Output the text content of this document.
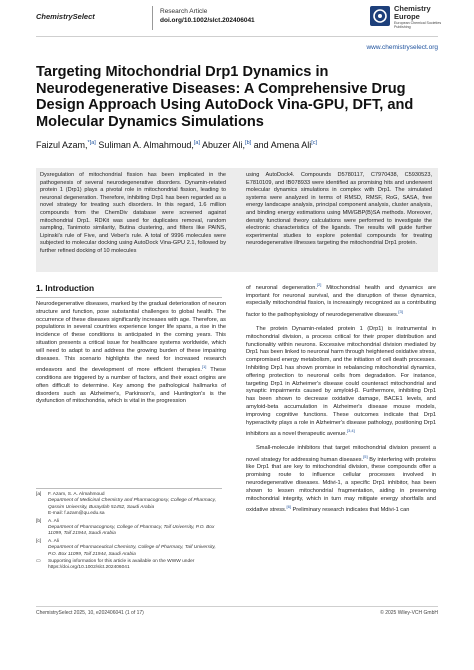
ChemistrySelect
Research Article
doi.org/10.1002/slct.202406041
Chemistry Europe
European Chemical Societies Publishing
www.chemistryselect.org
Targeting Mitochondrial Drp1 Dynamics in Neurodegenerative Diseases: A Comprehensive Drug Design Approach Using AutoDock Vina-GPU, DFT, and Molecular Dynamics Simulations
Faizul Azam,$^{*[a]}$ Suliman A. Almahmoud,[a] Abuzer Ali,[b] and Amena Ali[c]
Dysregulation of mitochondrial fission has been implicated in the pathogenesis of several neurodegenerative disorders. Dynamin-related protein 1 (Drp1) plays a pivotal role in mitochondrial fission, leading to neuronal degeneration. Therefore, inhibiting Drp1 has been regarded as a novel strategy for treating such disorders. In this regard, 1.6 million compounds from the ChemDiv database were screened against mitochondrial Drp1. RDKit was used for duplicates removal, random sampling, Tanimoto similarity, Butina clustering, and filters like PAINS, Lipinski's rule of Five, and Veber's rule. A total of 9996 molecules were subjected to molecular docking using AutoDock Vina-GPU 2.1, followed by further refined docking of 10 molecules
using AutoDock4. Compounds D5780117, C7970438, C5930523, E7810109, and IB078933 were identified as promising hits and underwent molecular dynamics simulations in complex with Drp1. The simulated systems were analyzed in terms of RMSD, RMSF, RoG, SASA, free energy landscape analysis, principal component analysis, cluster analysis, and binding energy estimations using MM/GBP(B)SA methods. Moreover, density functional theory calculations were performed to investigate the electronic characteristics of the ligands. The results will guide further experimental studies to explore potential compounds for treating neurodegenerative illnesses targeting the mitochondrial Drp1 protein.
1. Introduction

Neurodegenerative diseases, marked by the gradual deterioration of neuron structure and function, pose substantial challenges to global health. The occurrence of these diseases significantly increases with age. Therefore, as populations in several countries experience longer life spans, a rise in the incidence of these conditions is anticipated in the coming years. This situation presents a critical issue for healthcare systems worldwide, which will need to adapt to and address the growing burden of these impairing diseases. This scenario highlights the need for increased research endeavors and the development of more efficient therapies.[1] These conditions are triggered by a number of factors, and their exact origins are often difficult to determine. Key among the pathological hallmarks of disorders such as Alzheimer's, Parkinson's, and Huntington's is the dysfunction of mitochondria, which is vital in the progression

[a] F. Azam, S. A. Almahmoud
Department of Medicinal Chemistry and Pharmacognosy, College of Pharmacy, Qassim University, Buraydah 51452, Saudi Arabia
E-mail: f.azam@qu.edu.sa
[b] A. Ali
Department of Pharmacognosy, College of Pharmacy, Taif University, P.O. Box 11099, Taif 21944, Saudi Arabia
[c] A. Ali
Department of Pharmaceutical Chemistry, College of Pharmacy, Taif University, P.O. Box 11099, Taif 21944, Saudi Arabia
▭ Supporting information for this article is available on the WWW under
https://doi.org/10.1002/slct.202406041

of neuronal degeneration.[2] Mitochondrial health and dynamics are important for neuronal survival, and the disruption of these dynamics, especially mitochondrial fission, is increasingly recognized as a contributing factor to the pathophysiology of neurodegenerative diseases.[3]

The protein Dynamin-related protein 1 (Drp1) is instrumental in mitochondrial division, a process critical for their proper distribution and functionality within neurons. Excessive mitochondrial division mediated by Drp1 has been linked to neuronal harm through heightened oxidative stress, compromised energy metabolism, and the initiation of cell death processes. Inhibiting Drp1 has shown promise in rebalancing mitochondrial dynamics, offering protection to neuronal cells from degradation. For instance, targeting Drp1 in Alzheimer's disease could counteract mitochondrial and synaptic impairments caused by amyloid-β. Furthermore, inhibiting Drp1 has been shown to decrease oxidative damage, BACE1 levels, and amyloid-beta accumulation in Alzheimer's disease mouse models, improving cognitive functions. These outcomes indicate that Drp1 hyperactivity plays a role in Alzheimer's disease pathology, positioning Drp1 inhibitors as a novel therapeutic avenue.[3,4]

Small-molecule inhibitors that target mitochondrial division present a novel strategy for addressing human diseases.[5] By interfering with proteins like Drp1 that are key to mitochondrial division, these compounds offer a promising route to influence cellular processes involved in neurodegenerative diseases. Mdivi-1, a specific Drp1 inhibitor, has been shown to lessen mitochondrial fragmentation, aiding in preserving mitochondrial integrity, which in turn may mitigate energy shortfalls and oxidative stress.[6] Preliminary research indicates that Mdivi-1 can

ChemistrySelect 2025, 10, e202406041 (1 of 17)	© 2025 Wiley-VCH GmbH
